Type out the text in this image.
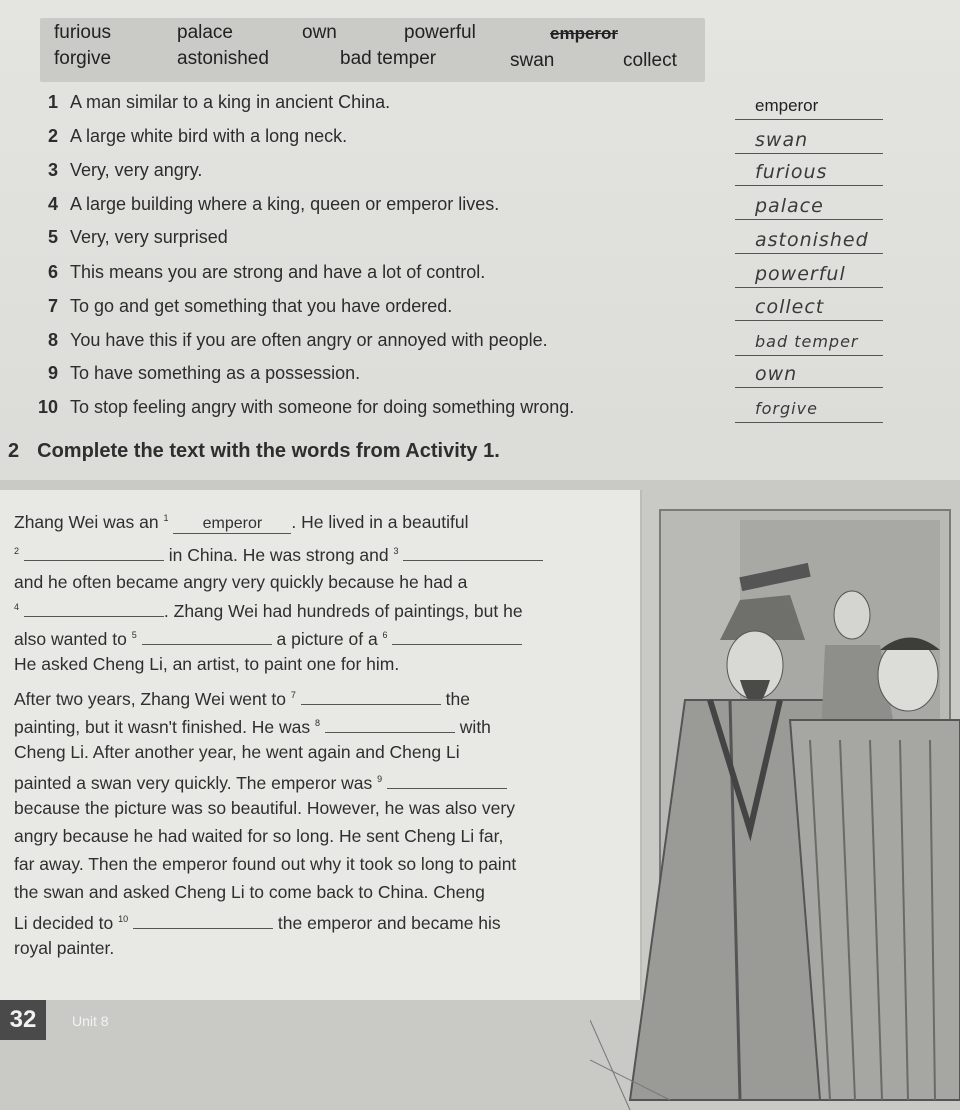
furious	palace	own	powerful	emperor
forgive	astonished	bad temper	swan	collect
1 A man similar to a king in ancient China.	emperor
2 A large white bird with a long neck.	swan
3 Very, very angry.	furious
4 A large building where a king, queen or emperor lives.	palace
5 Very, very surprised	astonished
6 This means you are strong and have a lot of control.	powerful
7 To go and get something that you have ordered.	collect
8 You have this if you are often angry or annoyed with people.	bad temper
9 To have something as a possession.	own
10 To stop feeling angry with someone for doing something wrong.	forgive
2 Complete the text with the words from Activity 1.
Zhang Wei was an $^1$ emperor . He lived in a beautiful
$^2$	in China. He was strong and $^3$
and he often became angry very quickly because he had a
$^4$	. Zhang Wei had hundreds of paintings, but he
also wanted to $^5$	a picture of a $^6$
He asked Cheng Li, an artist, to paint one for him.
After two years, Zhang Wei went to $^7$	the
painting, but it wasn't finished. He was $^8$	with
Cheng Li. After another year, he went again and Cheng Li
painted a swan very quickly. The emperor was $^9$
because the picture was so beautiful. However, he was also very
angry because he had waited for so long. He sent Cheng Li far,
far away. Then the emperor found out why it took so long to paint
the swan and asked Cheng Li to come back to China. Cheng
Li decided to $^{10}$	the emperor and became his
royal painter.
32	Unit 8
